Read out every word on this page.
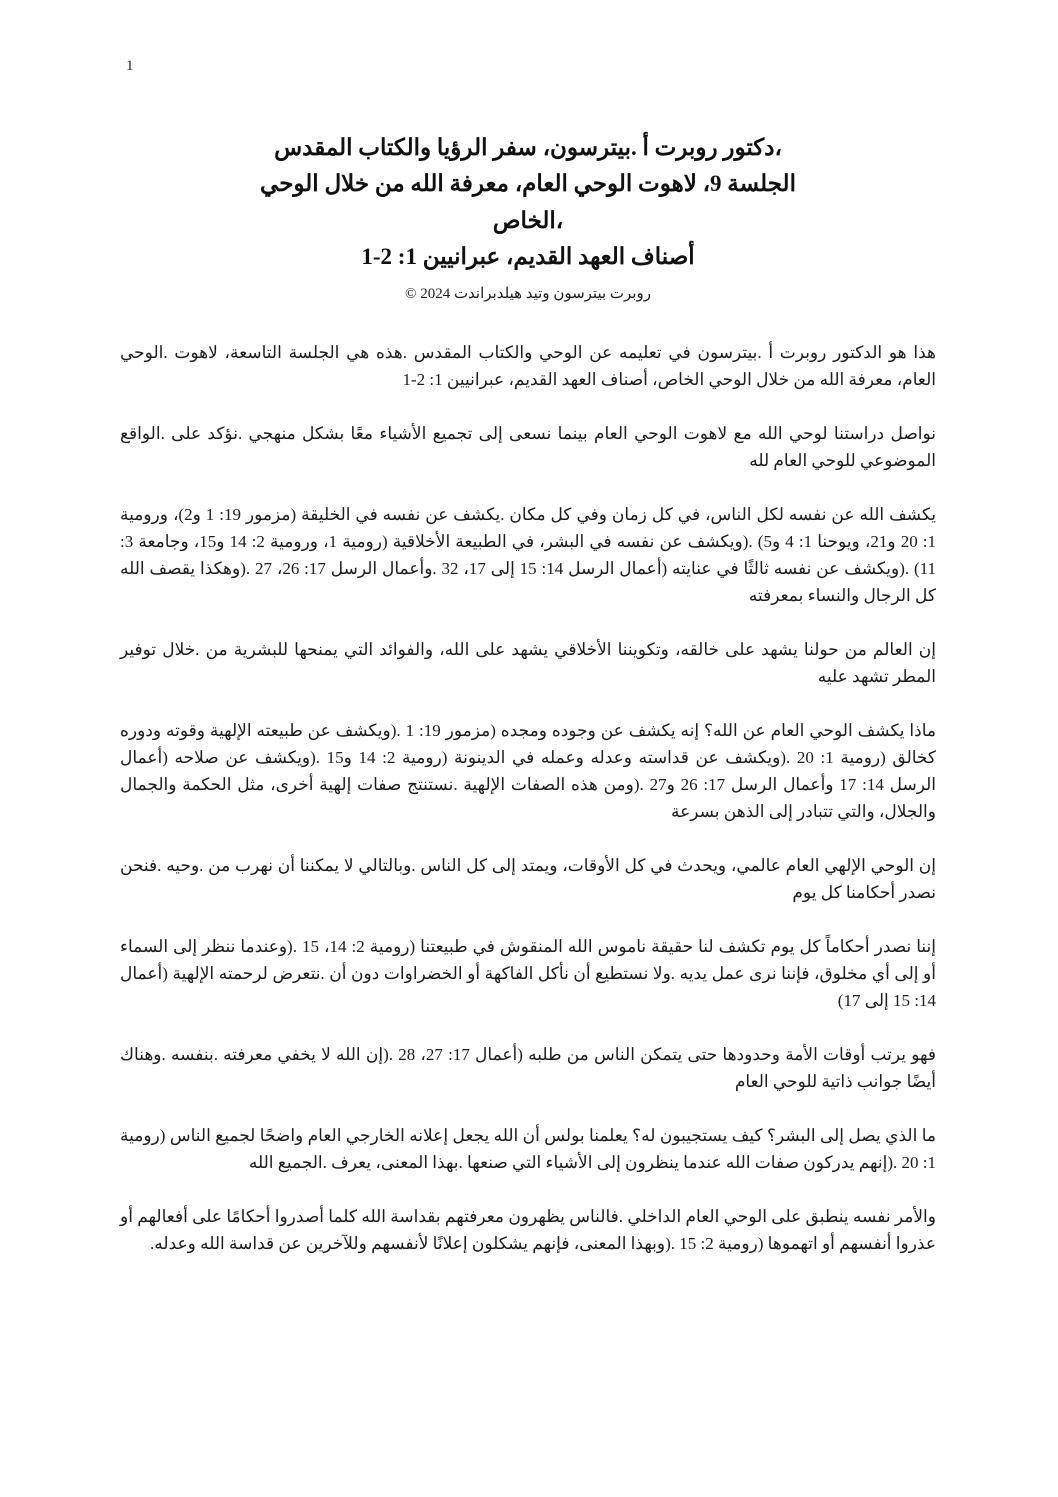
1
،دكتور روبرت أ .بيترسون، سفر الرؤيا والكتاب المقدس
الجلسة 9، لاهوت الوحي العام، معرفة الله من خلال الوحي
،الخاص
أصناف العهد القديم، عبرانيين 1: 2-1
روبرت بيترسون وتيد هيلدبراندت 2024 ©

هذا هو الدكتور روبرت أ .بيترسون في تعليمه عن الوحي والكتاب المقدس .هذه هي الجلسة التاسعة، لاهوت .الوحي العام، معرفة الله من خلال الوحي الخاص، أصناف العهد القديم، عبرانيين 1: 2-1

نواصل دراستنا لوحي الله مع لاهوت الوحي العام بينما نسعى إلى تجميع الأشياء معًا بشكل منهجي .نؤكد على .الواقع الموضوعي للوحي العام لله

يكشف الله عن نفسه لكل الناس، في كل زمان وفي كل مكان .يكشف عن نفسه في الخليقة (مزمور 19: 1 و2)، ورومية 1: 20 و21، ويوحنا 1: 4 و5) .(ويكشف عن نفسه في البشر، في الطبيعة الأخلاقية (رومية 1، ورومية 2: 14 و15، وجامعة 3: 11) .(ويكشف عن نفسه ثالثًا في عنايته (أعمال الرسل 14: 15 إلى 17، 32 .وأعمال الرسل 17: 26، 27 .(وهكذا يقصف الله كل الرجال والنساء بمعرفته

إن العالم من حولنا يشهد على خالقه، وتكويننا الأخلاقي يشهد على الله، والفوائد التي يمنحها للبشرية من .خلال توفير المطر تشهد عليه

ماذا يكشف الوحي العام عن الله؟ إنه يكشف عن وجوده ومجده (مزمور 19: 1 .(ويكشف عن طبيعته الإلهية وقوته ودوره كخالق (رومية 1: 20 .(ويكشف عن قداسته وعدله وعمله في الدينونة (رومية 2: 14 و15 .(ويكشف عن صلاحه (أعمال الرسل 14: 17 وأعمال الرسل 17: 26 و27 .(ومن هذه الصفات الإلهية .نستنتج صفات إلهية أخرى، مثل الحكمة والجمال والجلال، والتي تتبادر إلى الذهن بسرعة

إن الوحي الإلهي العام عالمي، ويحدث في كل الأوقات، ويمتد إلى كل الناس .وبالتالي لا يمكننا أن نهرب من .وحيه .فنحن نصدر أحكامنا كل يوم

إننا نصدر أحكاماً كل يوم تكشف لنا حقيقة ناموس الله المنقوش في طبيعتنا (رومية 2: 14، 15 .(وعندما ننظر إلى السماء أو إلى أي مخلوق، فإننا نرى عمل يديه .ولا نستطيع أن نأكل الفاكهة أو الخضراوات دون أن .نتعرض لرحمته الإلهية (أعمال 14: 15 إلى 17)

فهو يرتب أوقات الأمة وحدودها حتى يتمكن الناس من طلبه (أعمال 17: 27، 28 .(إن الله لا يخفي معرفته .بنفسه .وهناك أيضًا جوانب ذاتية للوحي العام

ما الذي يصل إلى البشر؟ كيف يستجيبون له؟ يعلمنا بولس أن الله يجعل إعلانه الخارجي العام واضحًا لجميع الناس (رومية 1: 20 .(إنهم يدركون صفات الله عندما ينظرون إلى الأشياء التي صنعها .بهذا المعنى، يعرف .الجميع الله

والأمر نفسه ينطبق على الوحي العام الداخلي .فالناس يظهرون معرفتهم بقداسة الله كلما أصدروا أحكامًا على أفعالهم أو عذروا أنفسهم أو اتهموها (رومية 2: 15 .(وبهذا المعنى، فإنهم يشكلون إعلانًا لأنفسهم وللآخرين عن قداسة الله وعدله.
